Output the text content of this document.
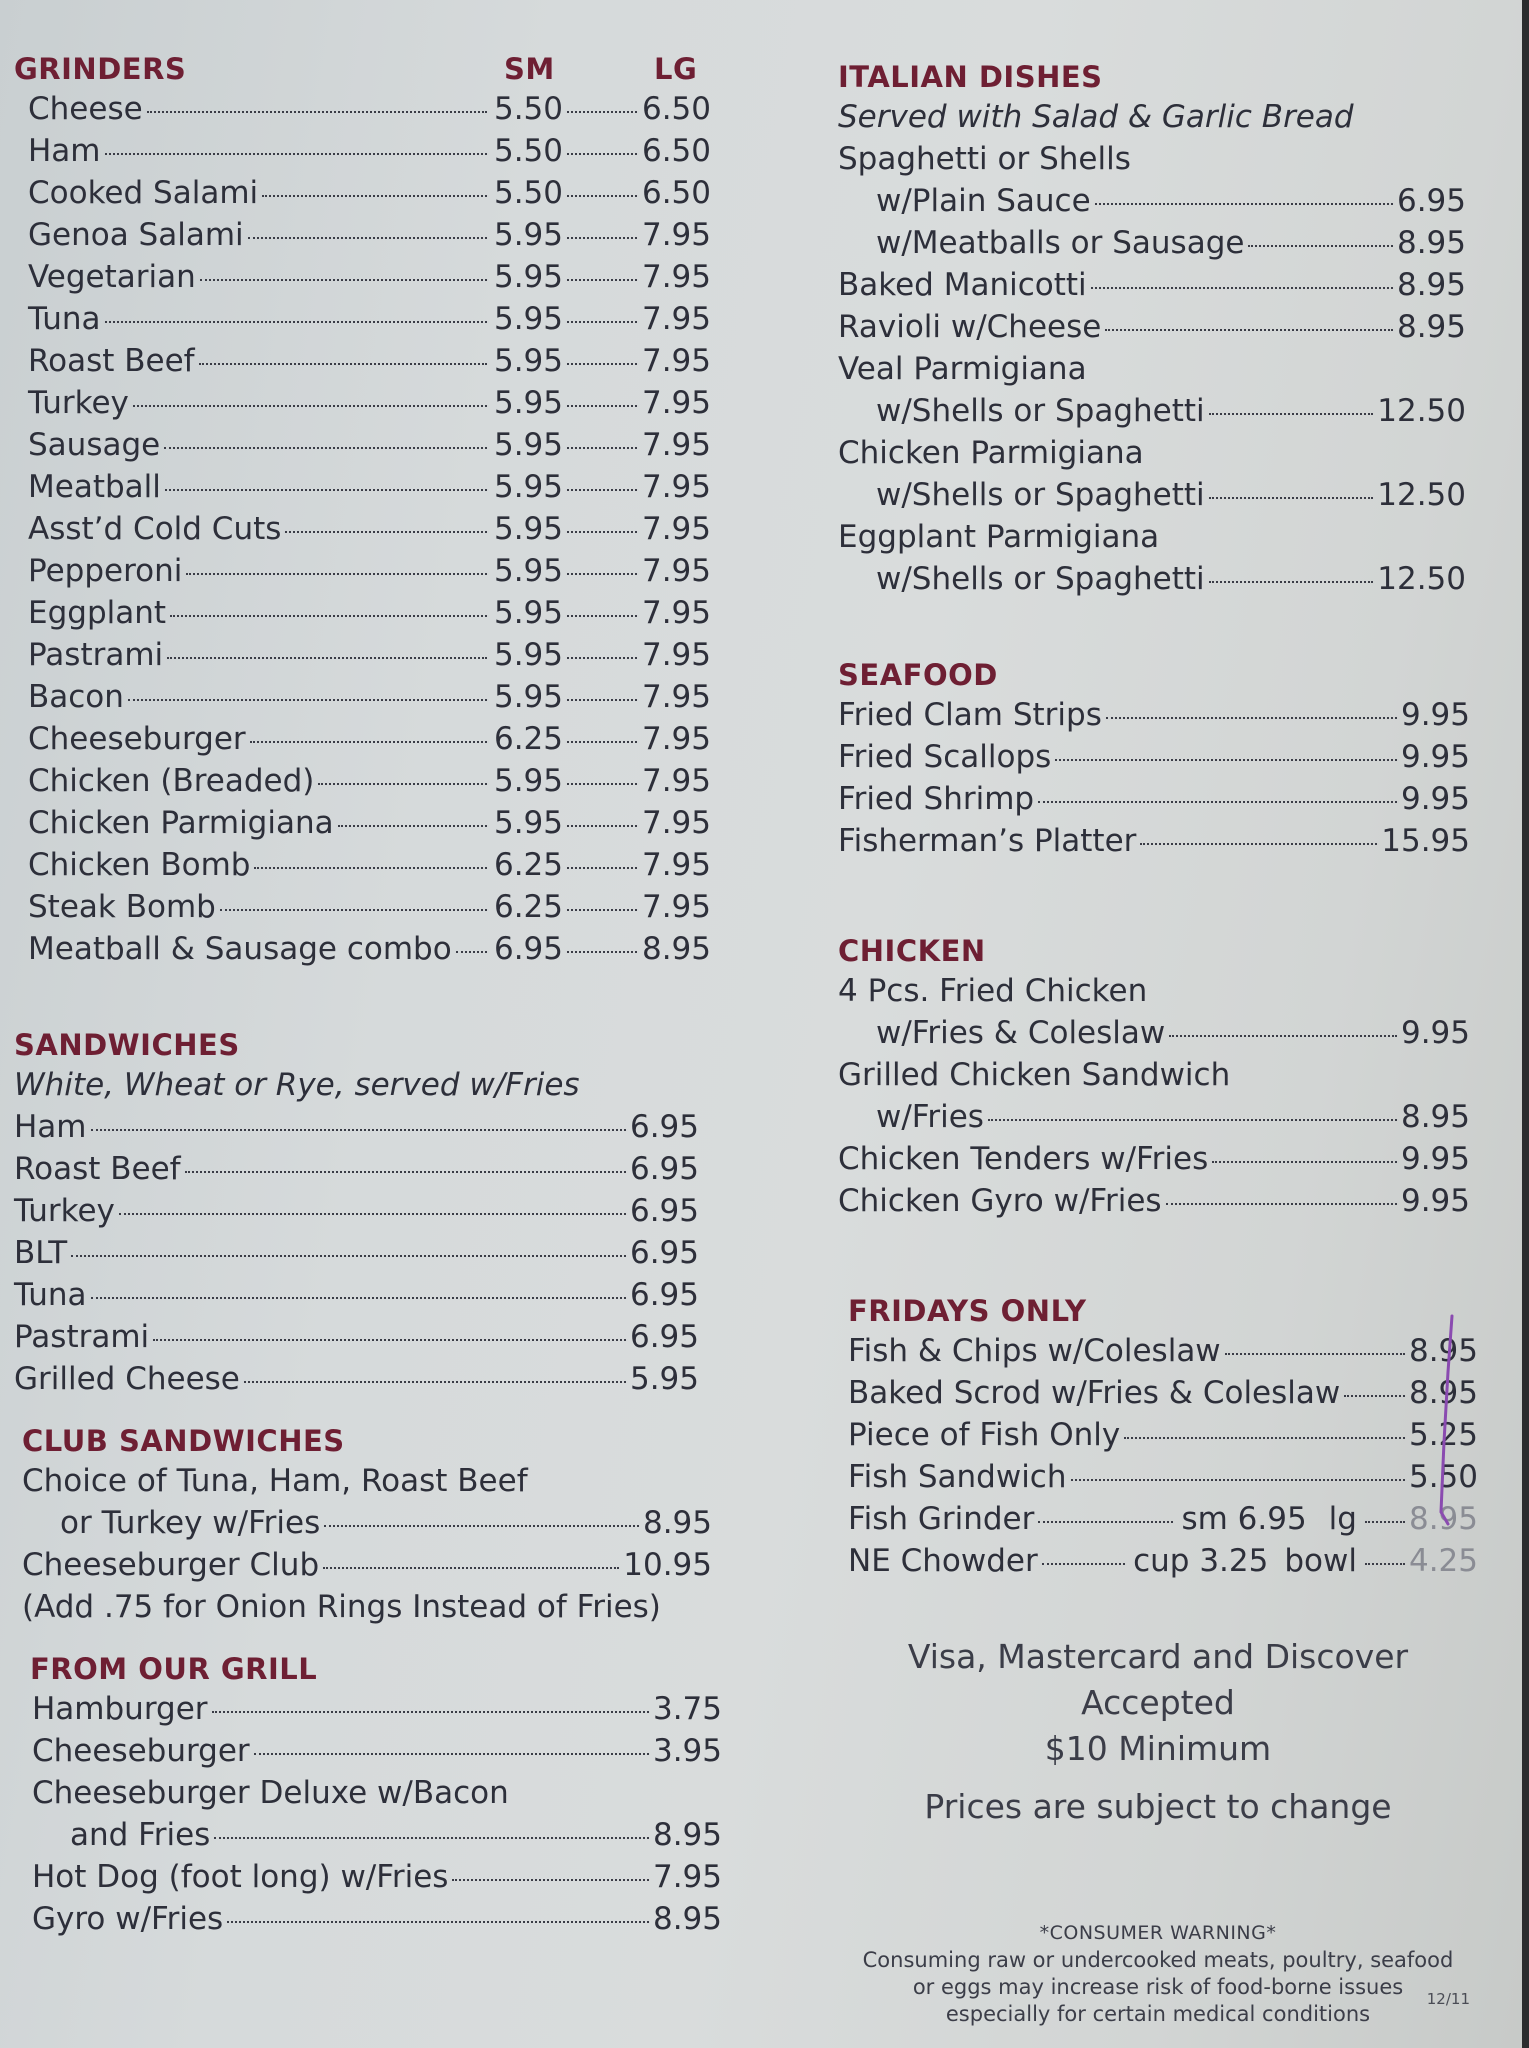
GRINDERS	SM	LG
Cheese	5.50	6.50
Ham	5.50	6.50
Cooked Salami	5.50	6.50
Genoa Salami	5.95	7.95
Vegetarian	5.95	7.95
Tuna	5.95	7.95
Roast Beef	5.95	7.95
Turkey	5.95	7.95
Sausage	5.95	7.95
Meatball	5.95	7.95
Asst’d Cold Cuts	5.95	7.95
Pepperoni	5.95	7.95
Eggplant	5.95	7.95
Pastrami	5.95	7.95
Bacon	5.95	7.95
Cheeseburger	6.25	7.95
Chicken (Breaded)	5.95	7.95
Chicken Parmigiana	5.95	7.95
Chicken Bomb	6.25	7.95
Steak Bomb	6.25	7.95
Meatball & Sausage combo 6.95	8.95
SANDWICHES
White, Wheat or Rye, served w/Fries
Ham	6.95
Roast Beef	6.95
Turkey	6.95
BLT	6.95
Tuna	6.95
Pastrami	6.95
Grilled Cheese	5.95
CLUB SANDWICHES
Choice of Tuna, Ham, Roast Beef
or Turkey w/Fries	8.95
Cheeseburger Club	10.95
(Add .75 for Onion Rings Instead of Fries)
FROM OUR GRILL
Hamburger	3.75
Cheeseburger	3.95
Cheeseburger Deluxe w/Bacon
and Fries	8.95
Hot Dog (foot long) w/Fries	7.95
Gyro w/Fries	8.95
ITALIAN DISHES
Served with Salad & Garlic Bread
Spaghetti or Shells
w/Plain Sauce	6.95
w/Meatballs or Sausage	8.95
Baked Manicotti	8.95
Ravioli w/Cheese	8.95
Veal Parmigiana
w/Shells or Spaghetti	12.50
Chicken Parmigiana
w/Shells or Spaghetti	12.50
Eggplant Parmigiana
w/Shells or Spaghetti	12.50
SEAFOOD
Fried Clam Strips	9.95
Fried Scallops	9.95
Fried Shrimp	9.95
Fisherman’s Platter	15.95
CHICKEN
4 Pcs. Fried Chicken
w/Fries & Coleslaw	9.95
Grilled Chicken Sandwich
w/Fries	8.95
Chicken Tenders w/Fries	9.95
Chicken Gyro w/Fries	9.95
FRIDAYS ONLY
Fish & Chips w/Coleslaw	8.95
Baked Scrod w/Fries & Coleslaw 8.95
Piece of Fish Only	5.25
Fish Sandwich	5.50
Fish Grinder	sm 6.95 lg 8.95
NE Chowder	cup 3.25 bowl 4.25
Visa, Mastercard and Discover Accepted
$10 Minimum
Prices are subject to change
*CONSUMER WARNING*
Consuming raw or undercooked meats, poultry, seafood
or eggs may increase risk of food-borne issues
especially for certain medical conditions
12/11
